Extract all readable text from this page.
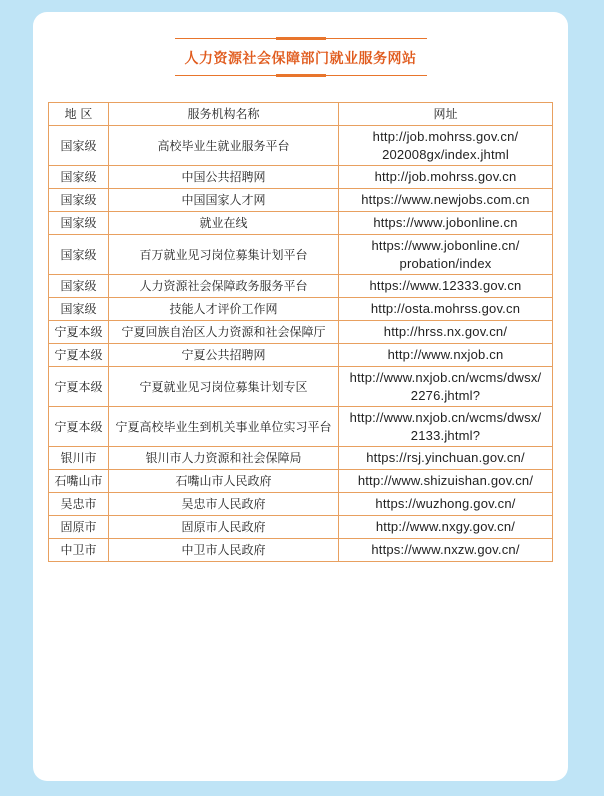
人力资源社会保障部门就业服务网站
地 区	服务机构名称	网址
国家级	高校毕业生就业服务平台	http://job.mohrss.gov.cn/
202008gx/index.jhtml
国家级	中国公共招聘网	http://job.mohrss.gov.cn
国家级	中国国家人才网	https://www.newjobs.com.cn
国家级	就业在线	https://www.jobonline.cn
国家级	百万就业见习岗位募集计划平台	https://www.jobonline.cn/
probation/index
国家级	人力资源社会保障政务服务平台	https://www.12333.gov.cn
国家级	技能人才评价工作网	http://osta.mohrss.gov.cn
宁夏本级	宁夏回族自治区人力资源和社会保障厅	http://hrss.nx.gov.cn/
宁夏本级	宁夏公共招聘网	http://www.nxjob.cn
宁夏本级	宁夏就业见习岗位募集计划专区	http://www.nxjob.cn/wcms/dwsx/
2276.jhtml?
宁夏本级	宁夏高校毕业生到机关事业单位实习平台	http://www.nxjob.cn/wcms/dwsx/
2133.jhtml?
银川市	银川市人力资源和社会保障局	https://rsj.yinchuan.gov.cn/
石嘴山市	石嘴山市人民政府	http://www.shizuishan.gov.cn/
吴忠市	吴忠市人民政府	https://wuzhong.gov.cn/
固原市	固原市人民政府	http://www.nxgy.gov.cn/
中卫市	中卫市人民政府	https://www.nxzw.gov.cn/
